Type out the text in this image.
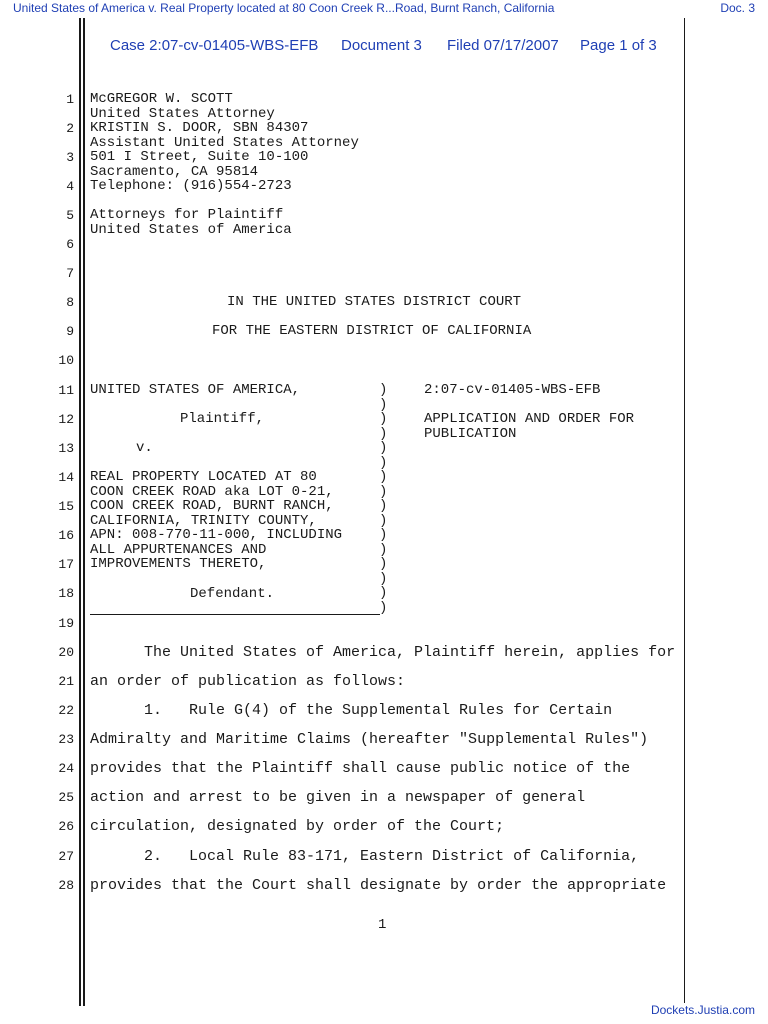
United States of America v. Real Property located at 80 Coon Creek R...Road, Burnt Ranch, California	Doc. 3
Case 2:07-cv-01405-WBS-EFB Document 3 Filed 07/17/2007 Page 1 of 3
1
2
3
4
5
6
7
8
9
10
11
12
13
14
15
16
17
18
19
20
21
22
23
24
25
26
27
28
McGREGOR W. SCOTT
United States Attorney
KRISTIN S. DOOR, SBN 84307
Assistant United States Attorney
501 I Street, Suite 10-100
Sacramento, CA 95814
Telephone: (916)554-2723
Attorneys for Plaintiff
United States of America
IN THE UNITED STATES DISTRICT COURT
FOR THE EASTERN DISTRICT OF CALIFORNIA
UNITED STATES OF AMERICA,
Plaintiff,
v.
REAL PROPERTY LOCATED AT 80
COON CREEK ROAD aka LOT 0-21,
COON CREEK ROAD, BURNT RANCH,
CALIFORNIA, TRINITY COUNTY,
APN: 008-770-11-000, INCLUDING
ALL APPURTENANCES AND
IMPROVEMENTS THERETO,
Defendant.
)
)
)
)
)
)
)
)
)
)
)
)
)
)
)
)
2:07-cv-01405-WBS-EFB
APPLICATION AND ORDER FOR
PUBLICATION
The United States of America, Plaintiff herein, applies for
an order of publication as follows:
1.   Rule G(4) of the Supplemental Rules for Certain
Admiralty and Maritime Claims (hereafter "Supplemental Rules")
provides that the Plaintiff shall cause public notice of the
action and arrest to be given in a newspaper of general
circulation, designated by order of the Court;
2.   Local Rule 83-171, Eastern District of California,
provides that the Court shall designate by order the appropriate
1
Dockets.Justia.com
